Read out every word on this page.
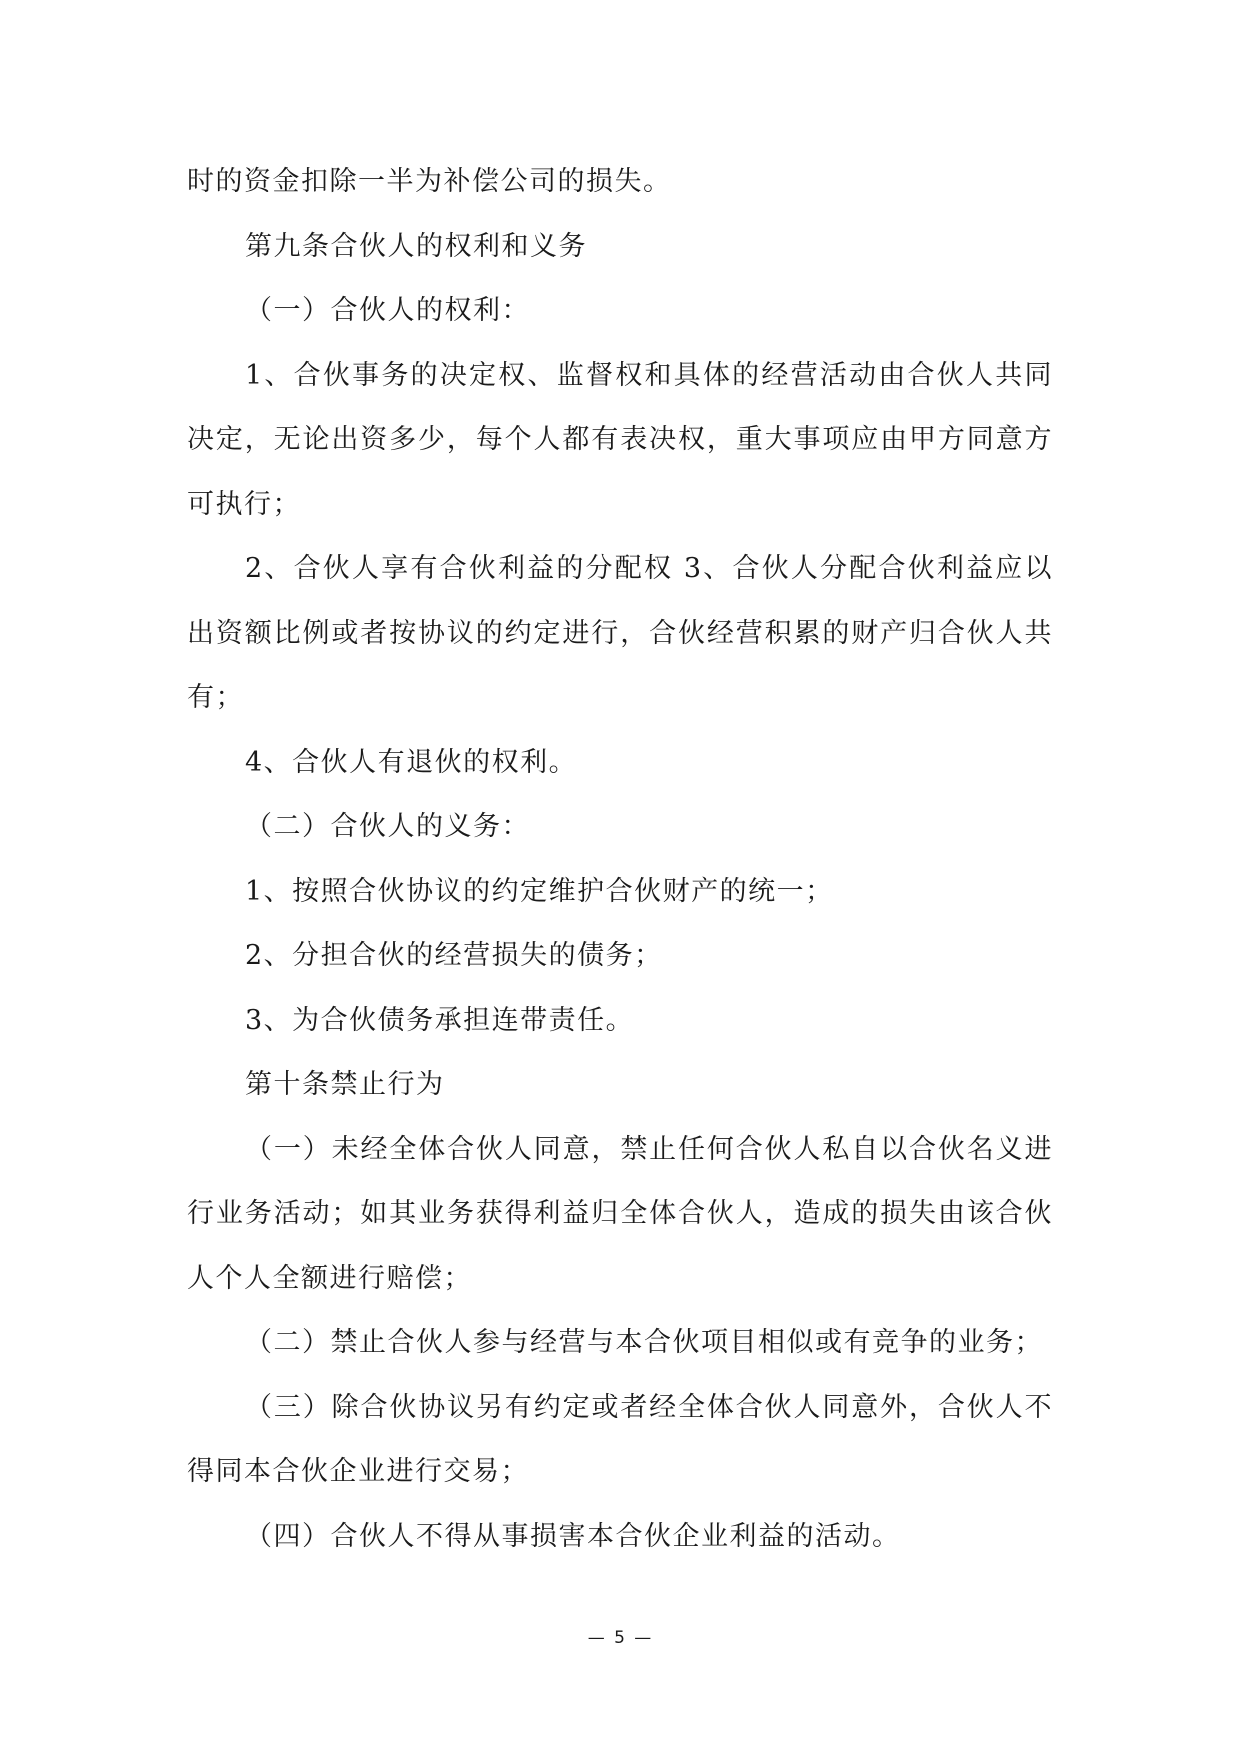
时的资金扣除一半为补偿公司的损失。

第九条合伙人的权利和义务

（一）合伙人的权利：

1、合伙事务的决定权、监督权和具体的经营活动由合伙人共同决定，无论出资多少，每个人都有表决权，重大事项应由甲方同意方可执行；

2、合伙人享有合伙利益的分配权 3、合伙人分配合伙利益应以出资额比例或者按协议的约定进行，合伙经营积累的财产归合伙人共有；

4、合伙人有退伙的权利。

（二）合伙人的义务：

1、按照合伙协议的约定维护合伙财产的统一；

2、分担合伙的经营损失的债务；

3、为合伙债务承担连带责任。

第十条禁止行为

（一）未经全体合伙人同意，禁止任何合伙人私自以合伙名义进行业务活动；如其业务获得利益归全体合伙人，造成的损失由该合伙人个人全额进行赔偿；

（二）禁止合伙人参与经营与本合伙项目相似或有竞争的业务；

（三）除合伙协议另有约定或者经全体合伙人同意外，合伙人不得同本合伙企业进行交易；

（四）合伙人不得从事损害本合伙企业利益的活动。

— 5 —
